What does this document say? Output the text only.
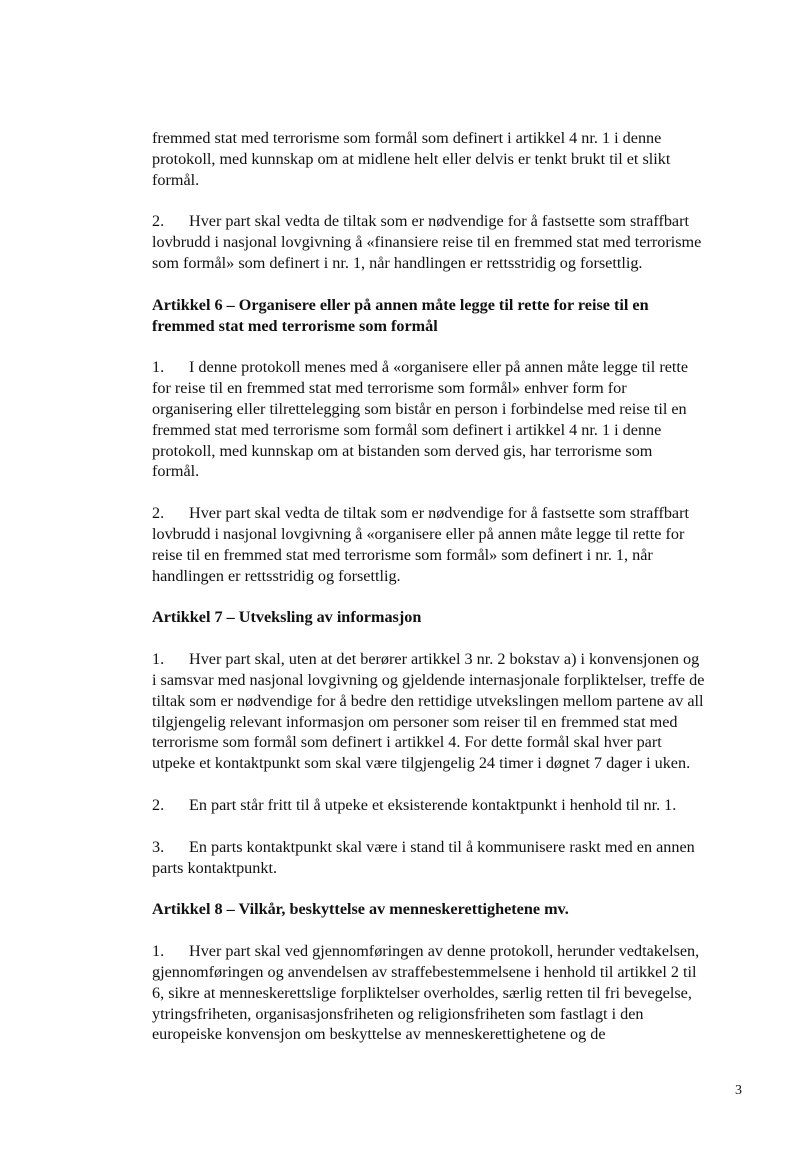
fremmed stat med terrorisme som formål som definert i artikkel 4 nr. 1 i denne
protokoll, med kunnskap om at midlene helt eller delvis er tenkt brukt til et slikt
formål.
2. Hver part skal vedta de tiltak som er nødvendige for å fastsette som straffbart
lovbrudd i nasjonal lovgivning å «finansiere reise til en fremmed stat med terrorisme
som formål» som definert i nr. 1, når handlingen er rettsstridig og forsettlig.
Artikkel 6 – Organisere eller på annen måte legge til rette for reise til en
fremmed stat med terrorisme som formål
1. I denne protokoll menes med å «organisere eller på annen måte legge til rette
for reise til en fremmed stat med terrorisme som formål» enhver form for
organisering eller tilrettelegging som bistår en person i forbindelse med reise til en
fremmed stat med terrorisme som formål som definert i artikkel 4 nr. 1 i denne
protokoll, med kunnskap om at bistanden som derved gis, har terrorisme som
formål.
2. Hver part skal vedta de tiltak som er nødvendige for å fastsette som straffbart
lovbrudd i nasjonal lovgivning å «organisere eller på annen måte legge til rette for
reise til en fremmed stat med terrorisme som formål» som definert i nr. 1, når
handlingen er rettsstridig og forsettlig.
Artikkel 7 – Utveksling av informasjon
1. Hver part skal, uten at det berører artikkel 3 nr. 2 bokstav a) i konvensjonen og
i samsvar med nasjonal lovgivning og gjeldende internasjonale forpliktelser, treffe de
tiltak som er nødvendige for å bedre den rettidige utvekslingen mellom partene av all
tilgjengelig relevant informasjon om personer som reiser til en fremmed stat med
terrorisme som formål som definert i artikkel 4. For dette formål skal hver part
utpeke et kontaktpunkt som skal være tilgjengelig 24 timer i døgnet 7 dager i uken.
2. En part står fritt til å utpeke et eksisterende kontaktpunkt i henhold til nr. 1.
3. En parts kontaktpunkt skal være i stand til å kommunisere raskt med en annen
parts kontaktpunkt.
Artikkel 8 – Vilkår, beskyttelse av menneskerettighetene mv.
1. Hver part skal ved gjennomføringen av denne protokoll, herunder vedtakelsen,
gjennomføringen og anvendelsen av straffebestemmelsene i henhold til artikkel 2 til
6, sikre at menneskerettslige forpliktelser overholdes, særlig retten til fri bevegelse,
ytringsfriheten, organisasjonsfriheten og religionsfriheten som fastlagt i den
europeiske konvensjon om beskyttelse av menneskerettighetene og de
3
